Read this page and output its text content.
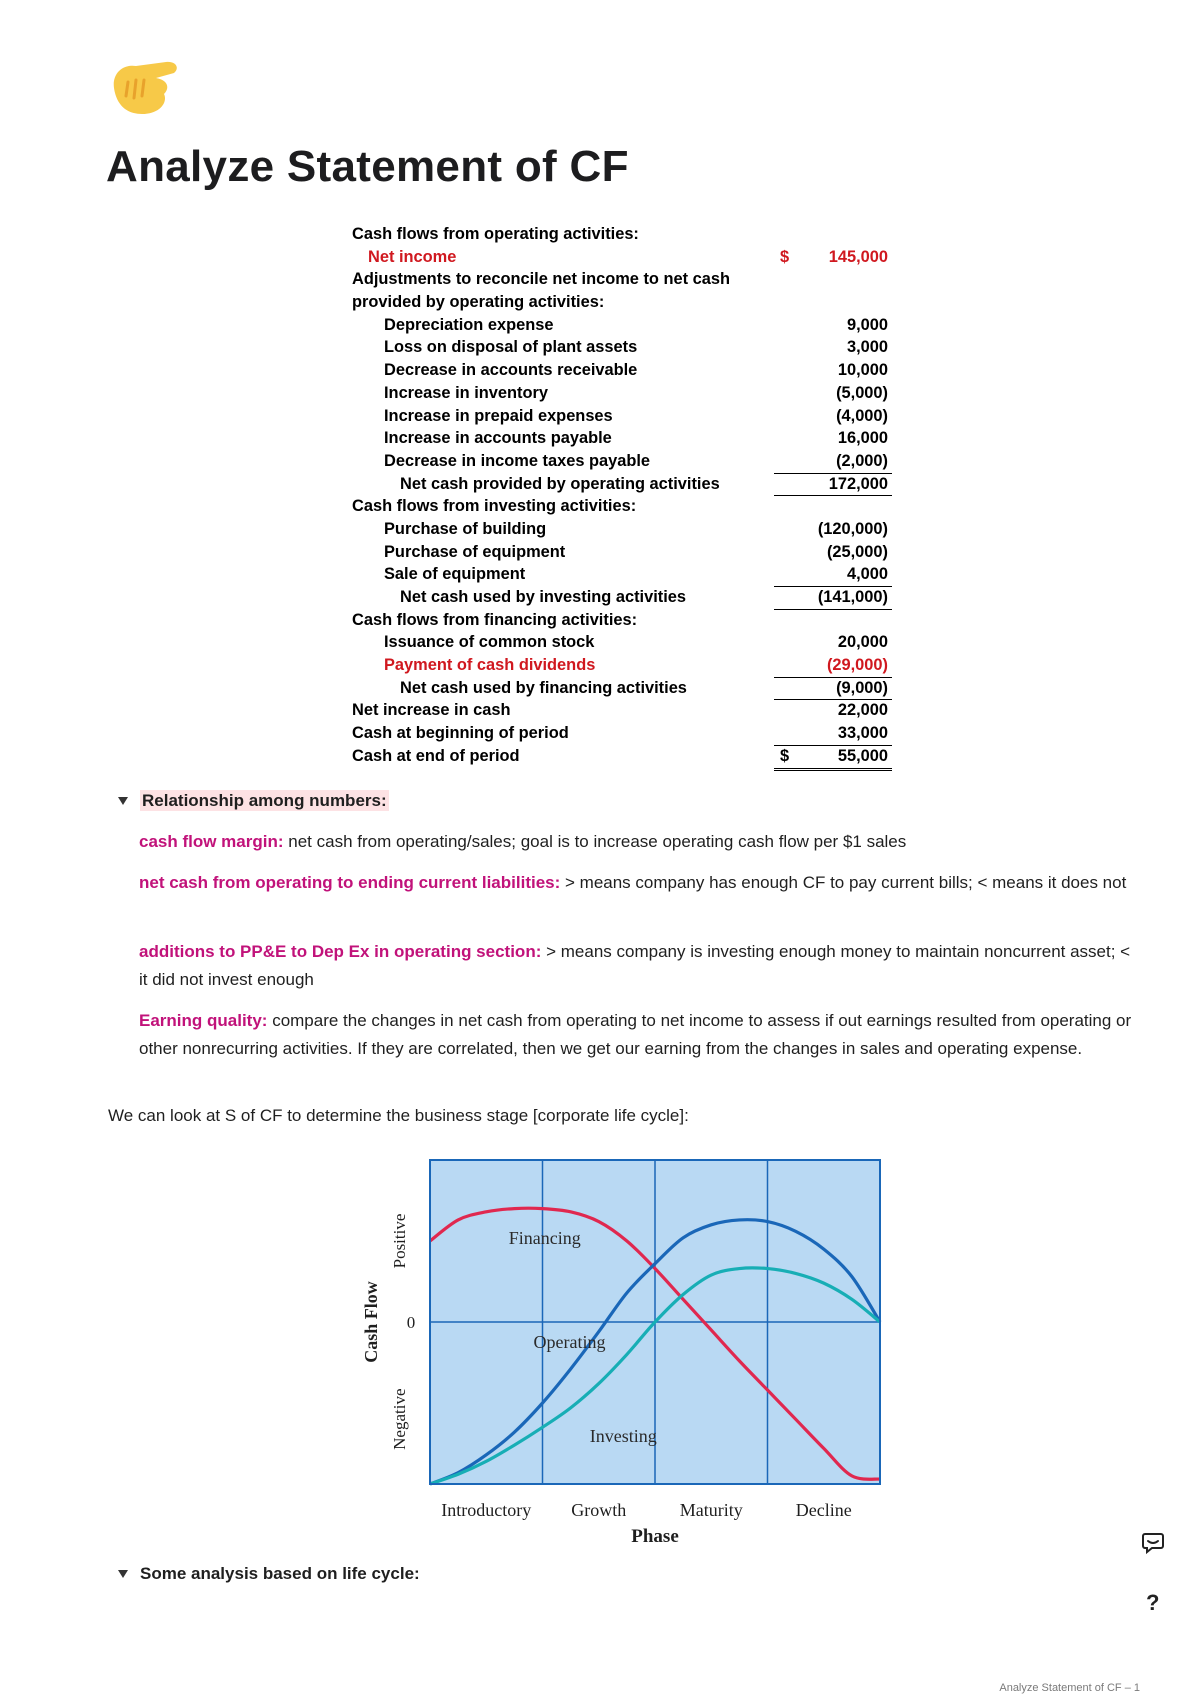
Analyze Statement of CF
Cash flows from operating activities:
Net income	$	145,000
Adjustments to reconcile net income to net cash
provided by operating activities:
Depreciation expense	9,000
Loss on disposal of plant assets	3,000
Decrease in accounts receivable	10,000
Increase in inventory	(5,000)
Increase in prepaid expenses	(4,000)
Increase in accounts payable	16,000
Decrease in income taxes payable	(2,000)
Net cash provided by operating activities	172,000
Cash flows from investing activities:
Purchase of building	(120,000)
Purchase of equipment	(25,000)
Sale of equipment	4,000
Net cash used by investing activities	(141,000)
Cash flows from financing activities:
Issuance of common stock	20,000
Payment of cash dividends	(29,000)
Net cash used by financing activities	(9,000)
Net increase in cash	22,000
Cash at beginning of period	33,000
Cash at end of period	$	55,000
Relationship among numbers:

cash flow margin: net cash from operating/sales; goal is to increase operating cash flow per $1 sales

net cash from operating to ending current liabilities: > means company has enough CF to pay current bills; < means it does not

additions to PP&E to Dep Ex in operating section: > means company is investing enough money to maintain noncurrent asset; < it did not invest enough

Earning quality: compare the changes in net cash from operating to net income to assess if out earnings resulted from operating or other nonrecurring activities. If they are correlated, then we get our earning from the changes in sales and operating expense.

We can look at S of CF to determine the business stage [corporate life cycle]:

Financing
Operating
Investing
Cash Flow
Positive
Negative
0
Introductory Growth	Maturity	Decline
Phase
Some analysis based on life cycle:
?
Analyze Statement of CF – 1
